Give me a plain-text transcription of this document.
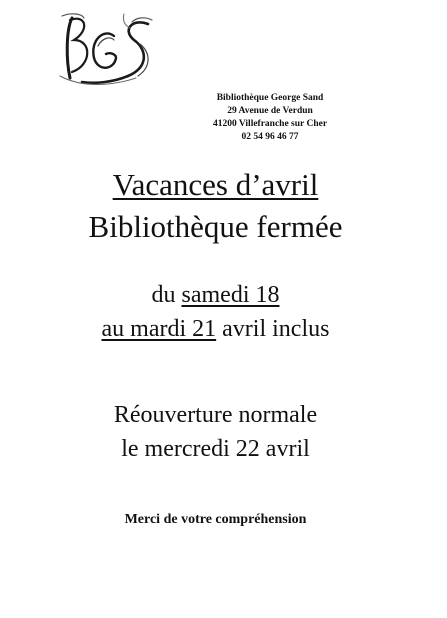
Bibliothèque George Sand
29 Avenue de Verdun
41200 Villefranche sur Cher
02 54 96 46 77
Vacances d’avril
Bibliothèque fermée
du samedi 18
au mardi 21 avril inclus
Réouverture normale
le mercredi 22 avril
Merci de votre compréhension
